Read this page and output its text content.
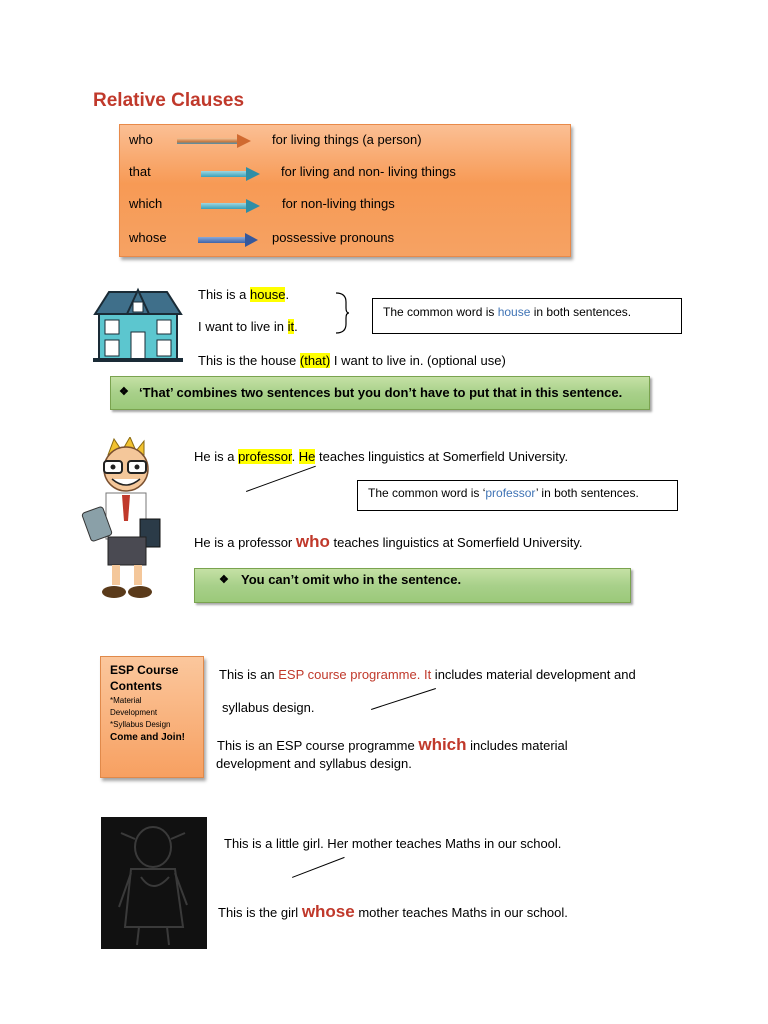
Relative Clauses
who	for living things (a person)
that	for living and non- living things
which	for non-living things
whose	possessive pronouns
This is a house.
I want to live in it.
The common word is house in both sentences.
This is the house (that) I want to live in. (optional use)
❖ ‘That’ combines two sentences but you don’t have to put that in this sentence.
He is a professor. He teaches linguistics at Somerfield University.
The common word is ‘professor’ in both sentences.
He is a professor who teaches linguistics at Somerfield University.
❖ You can’t omit who in the sentence.
ESP Course
Contents
*Material
Development
*Syllabus Design
Come and Join!
This is an ESP course programme. It includes material development and
syllabus design.
This is an ESP course programme which includes material
development and syllabus design.
This is a little girl. Her mother teaches Maths in our school.
This is the girl whose mother teaches Maths in our school.
